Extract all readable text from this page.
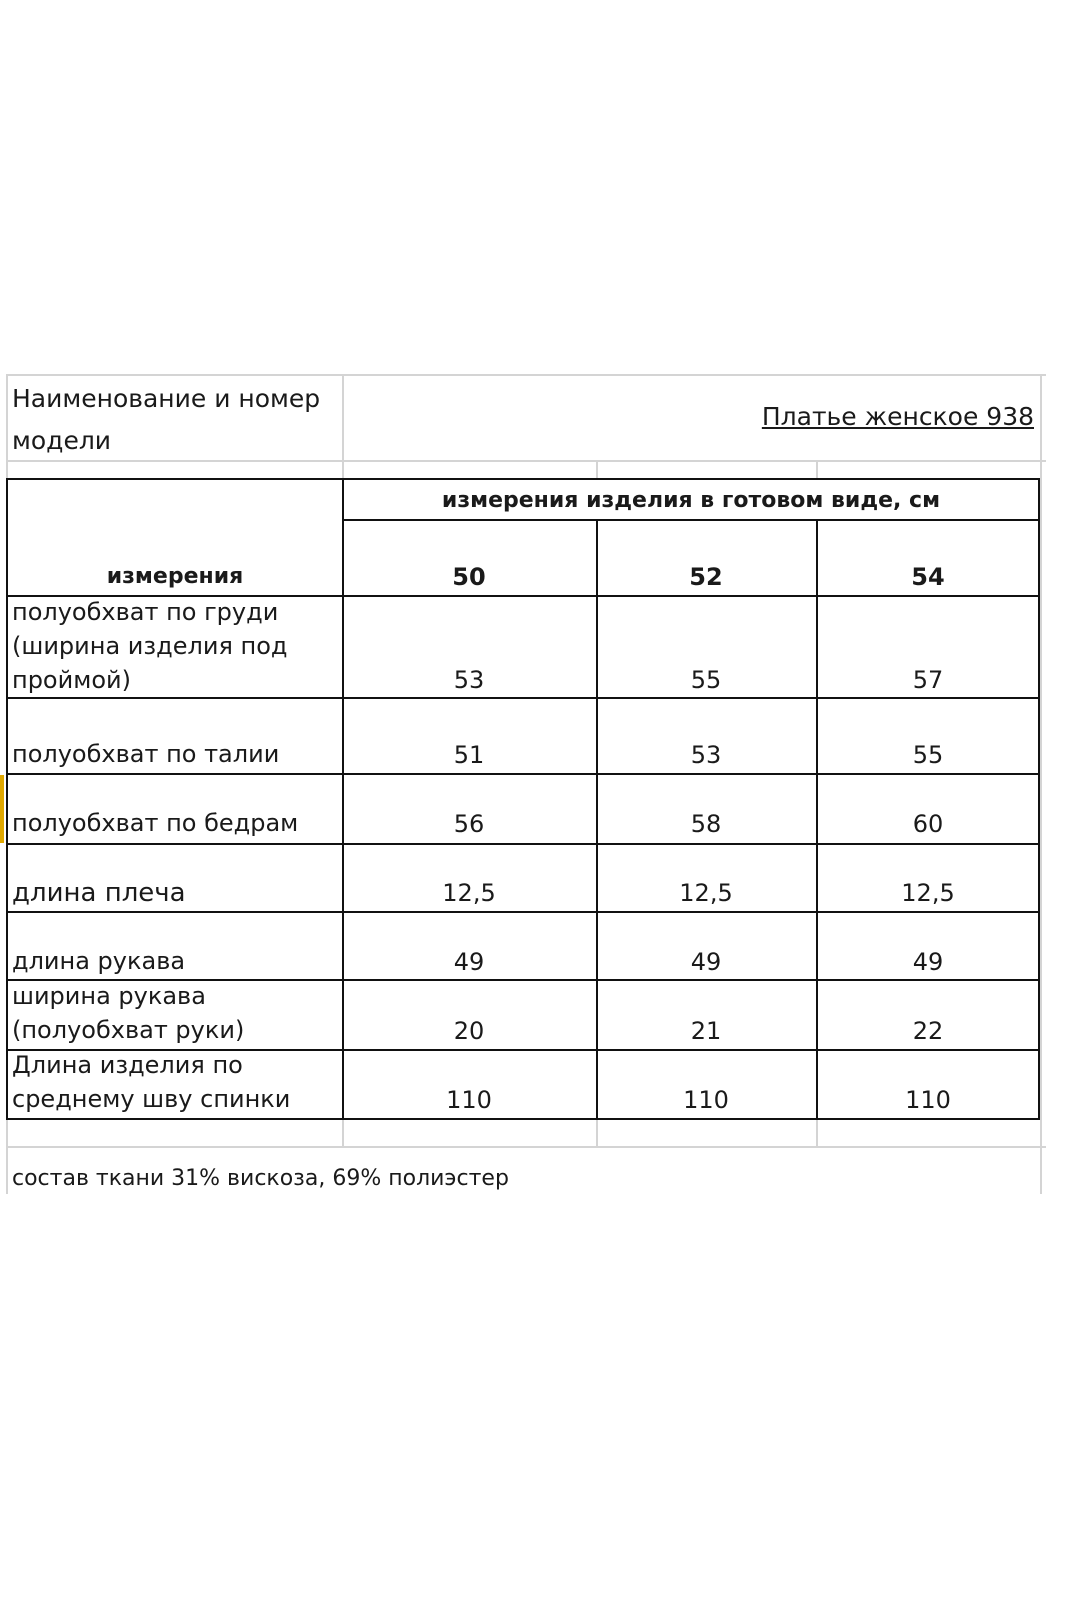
Наименование и номер
модели
Платье женское 938
измерения изделия в готовом виде, см
измерения	50	52	54
полуобхват по груди
(ширина изделия под
проймой)	53	55	57
полуобхват по талии	51	53	55
полуобхват по бедрам	56	58	60
длина плеча	12,5	12,5	12,5
длина рукава	49	49	49
ширина рукава
(полуобхват руки)	20	21	22
Длина изделия по
среднему шву спинки	110	110	110
состав ткани 31% вискоза, 69% полиэстер
